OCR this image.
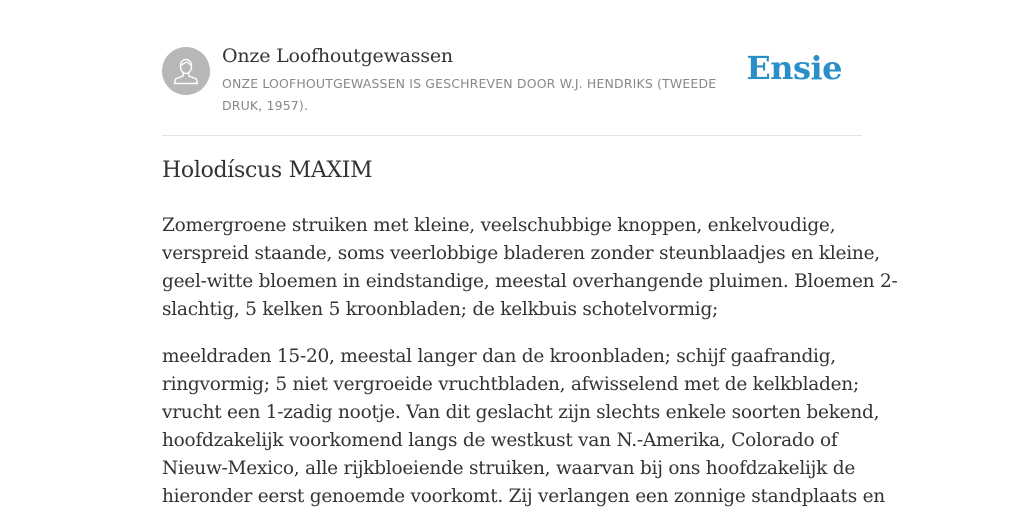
Onze Loofhoutgewassen
ONZE LOOFHOUTGEWASSEN IS GESCHREVEN DOOR W.J. HENDRIKS (TWEEDE
DRUK, 1957).
Ensie
Holodíscus MAXIM

Zomergroene struiken met kleine, veelschubbige knoppen, enkelvoudige,
verspreid staande, soms veerlobbige bladeren zonder steunblaadjes en kleine,
geel-witte bloemen in eindstandige, meestal overhangende pluimen. Bloemen 2-
slachtig, 5 kelken 5 kroonbladen; de kelkbuis schotelvormig;

meeldraden 15-20, meestal langer dan de kroonbladen; schijf gaafrandig,
ringvormig; 5 niet vergroeide vruchtbladen, afwisselend met de kelkbladen;
vrucht een 1-zadig nootje. Van dit geslacht zijn slechts enkele soorten bekend,
hoofdzakelijk voorkomend langs de westkust van N.-Amerika, Colorado of
Nieuw-Mexico, alle rijkbloeiende struiken, waarvan bij ons hoofdzakelijk de
hieronder eerst genoemde voorkomt. Zij verlangen een zonnige standplaats en
